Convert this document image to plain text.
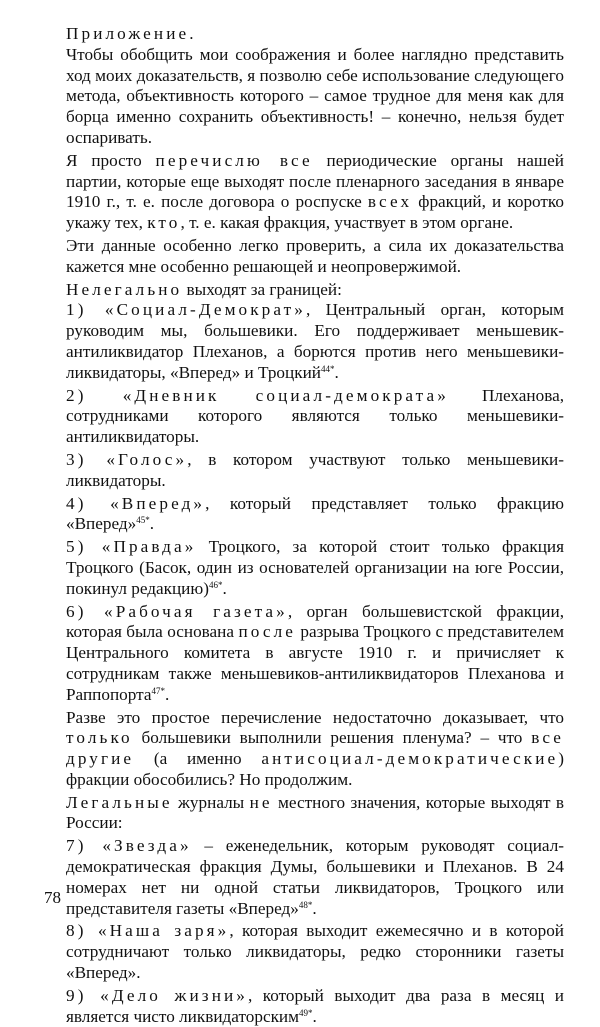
Приложение.

Чтобы обобщить мои соображения и более наглядно представить ход моих доказательств, я позволю себе использование следующего метода, объективность которого – самое трудное для меня как для борца именно сохранить объективность! – конечно, нельзя будет оспаривать.

Я просто перечислю все периодические органы нашей партии, которые еще выходят после пленарного заседания в январе 1910 г., т. е. после договора о роспуске всех фракций, и коротко укажу тех, кто, т. е. какая фракция, участвует в этом органе.

Эти данные особенно легко проверить, а сила их доказательства кажется мне особенно решающей и неопровержимой.

Нелегально выходят за границей:

1) «Социал-Демократ», Центральный орган, которым руководим мы, большевики. Его поддерживает меньшевик-антиликвидатор Плеханов, а борются против него меньшевики-ликвидаторы, «Вперед» и Троцкий$^{44*}$.

2) «Дневник социал-демократа» Плеханова, сотрудниками которого являются только меньшевики-антиликвидаторы.

3) «Голос», в котором участвуют только меньшевики-ликвидаторы.

4) «Вперед», который представляет только фракцию «Вперед»$^{45*}$.

5) «Правда» Троцкого, за которой стоит только фракция Троцкого (Басок, один из основателей организации на юге России, покинул редакцию)$^{46*}$.

6) «Рабочая газета», орган большевистской фракции, которая была основана после разрыва Троцкого с представителем Центрального комитета в августе 1910 г. и причисляет к сотрудникам также меньшевиков-антиликвидаторов Плеханова и Раппопорта$^{47*}$.

Разве это простое перечисление недостаточно доказывает, что только большевики выполнили решения пленума? – что все другие (а именно антисоциал-демократические) фракции обособились? Но продолжим.

Легальные журналы не местного значения, которые выходят в России:

7) «Звезда» – еженедельник, которым руководят социал-демократическая фракция Думы, большевики и Плеханов. В 24 номерах нет ни одной статьи ликвидаторов, Троцкого или представителя газеты «Вперед»$^{48*}$.

8) «Наша заря», которая выходит ежемесячно и в которой сотрудничают только ликвидаторы, редко сторонники газеты «Вперед».

9) «Дело жизни», который выходит два раза в месяц и является чисто ликвидаторским$^{49*}$.

78
